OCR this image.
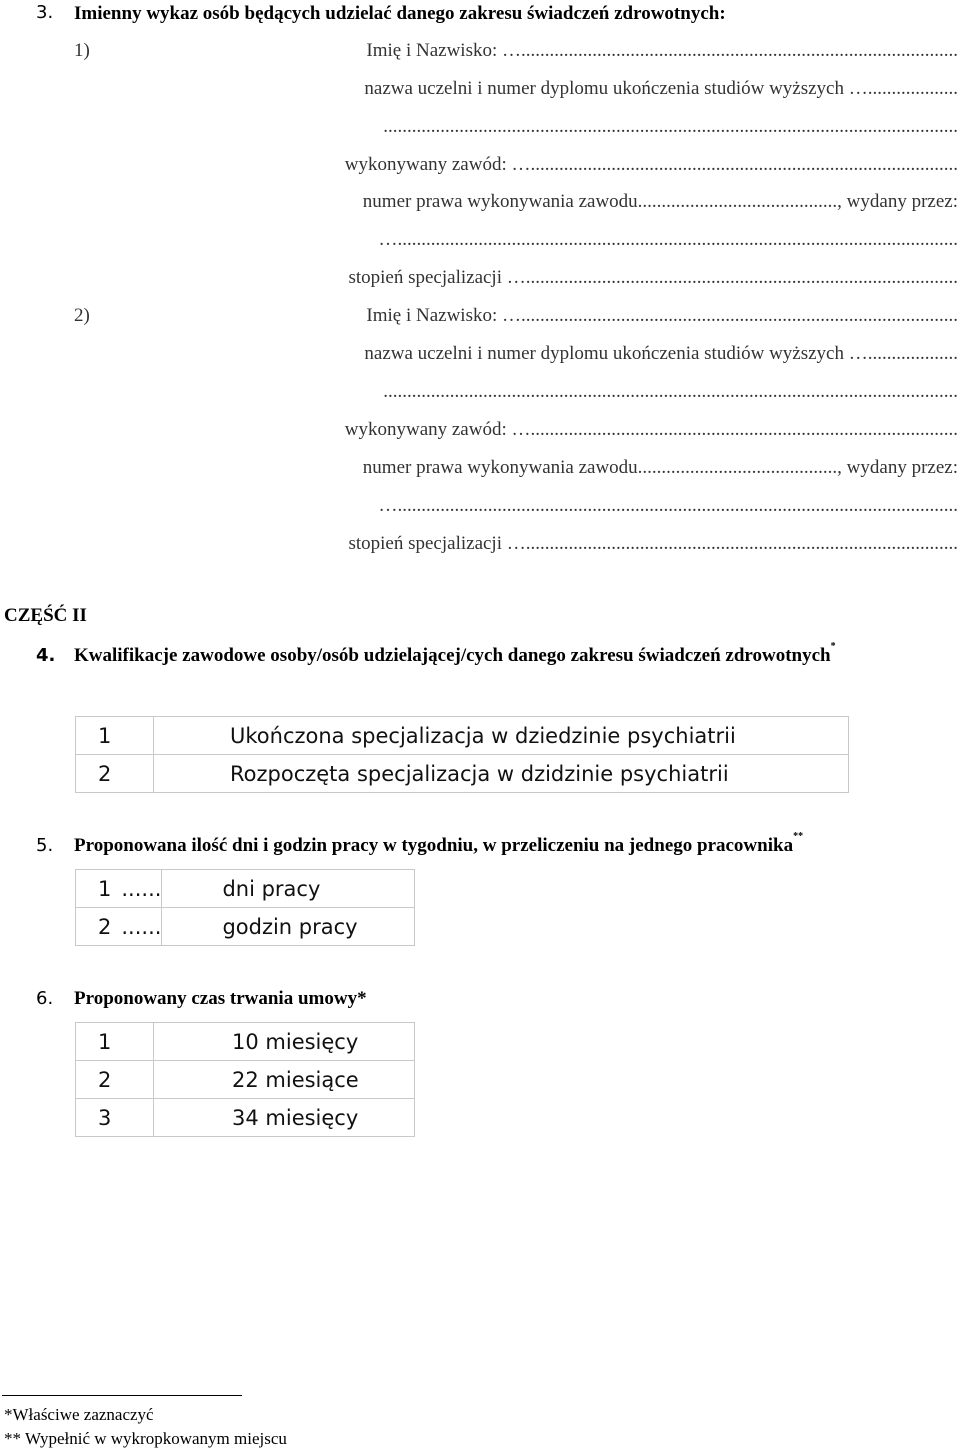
3. Imienny wykaz osób będących udzielać danego zakresu świadczeń zdrowotnych:
1)	Imię i Nazwisko: …............................................................................................
nazwa uczelni i numer dyplomu ukończenia studiów wyższych …...................
.........................................................................................................................
wykonywany zawód: …..........................................................................................
numer prawa wykonywania zawodu.........................................., wydany przez:
…......................................................................................................................
stopień specjalizacji …...........................................................................................
2)	Imię i Nazwisko: …............................................................................................
nazwa uczelni i numer dyplomu ukończenia studiów wyższych …...................
.........................................................................................................................
wykonywany zawód: …..........................................................................................
numer prawa wykonywania zawodu.........................................., wydany przez:
…......................................................................................................................
stopień specjalizacji …...........................................................................................
CZĘŚĆ II
4. Kwalifikacje zawodowe osoby/osób udzielającej/cych danego zakresu świadczeń zdrowotnych*
1	Ukończona specjalizacja w dziedzinie psychiatrii
2	Rozpoczęta specjalizacja w dzidzinie psychiatrii
5. Proponowana ilość dni i godzin pracy w tygodniu, w przeliczeniu na jednego pracownika**
1 ......	dni pracy
2 ......	godzin pracy
6. Proponowany czas trwania umowy*
1	10 miesięcy
2	22 miesiące
3	34 miesięcy
*Właściwe zaznaczyć
** Wypełnić w wykropkowanym miejscu
